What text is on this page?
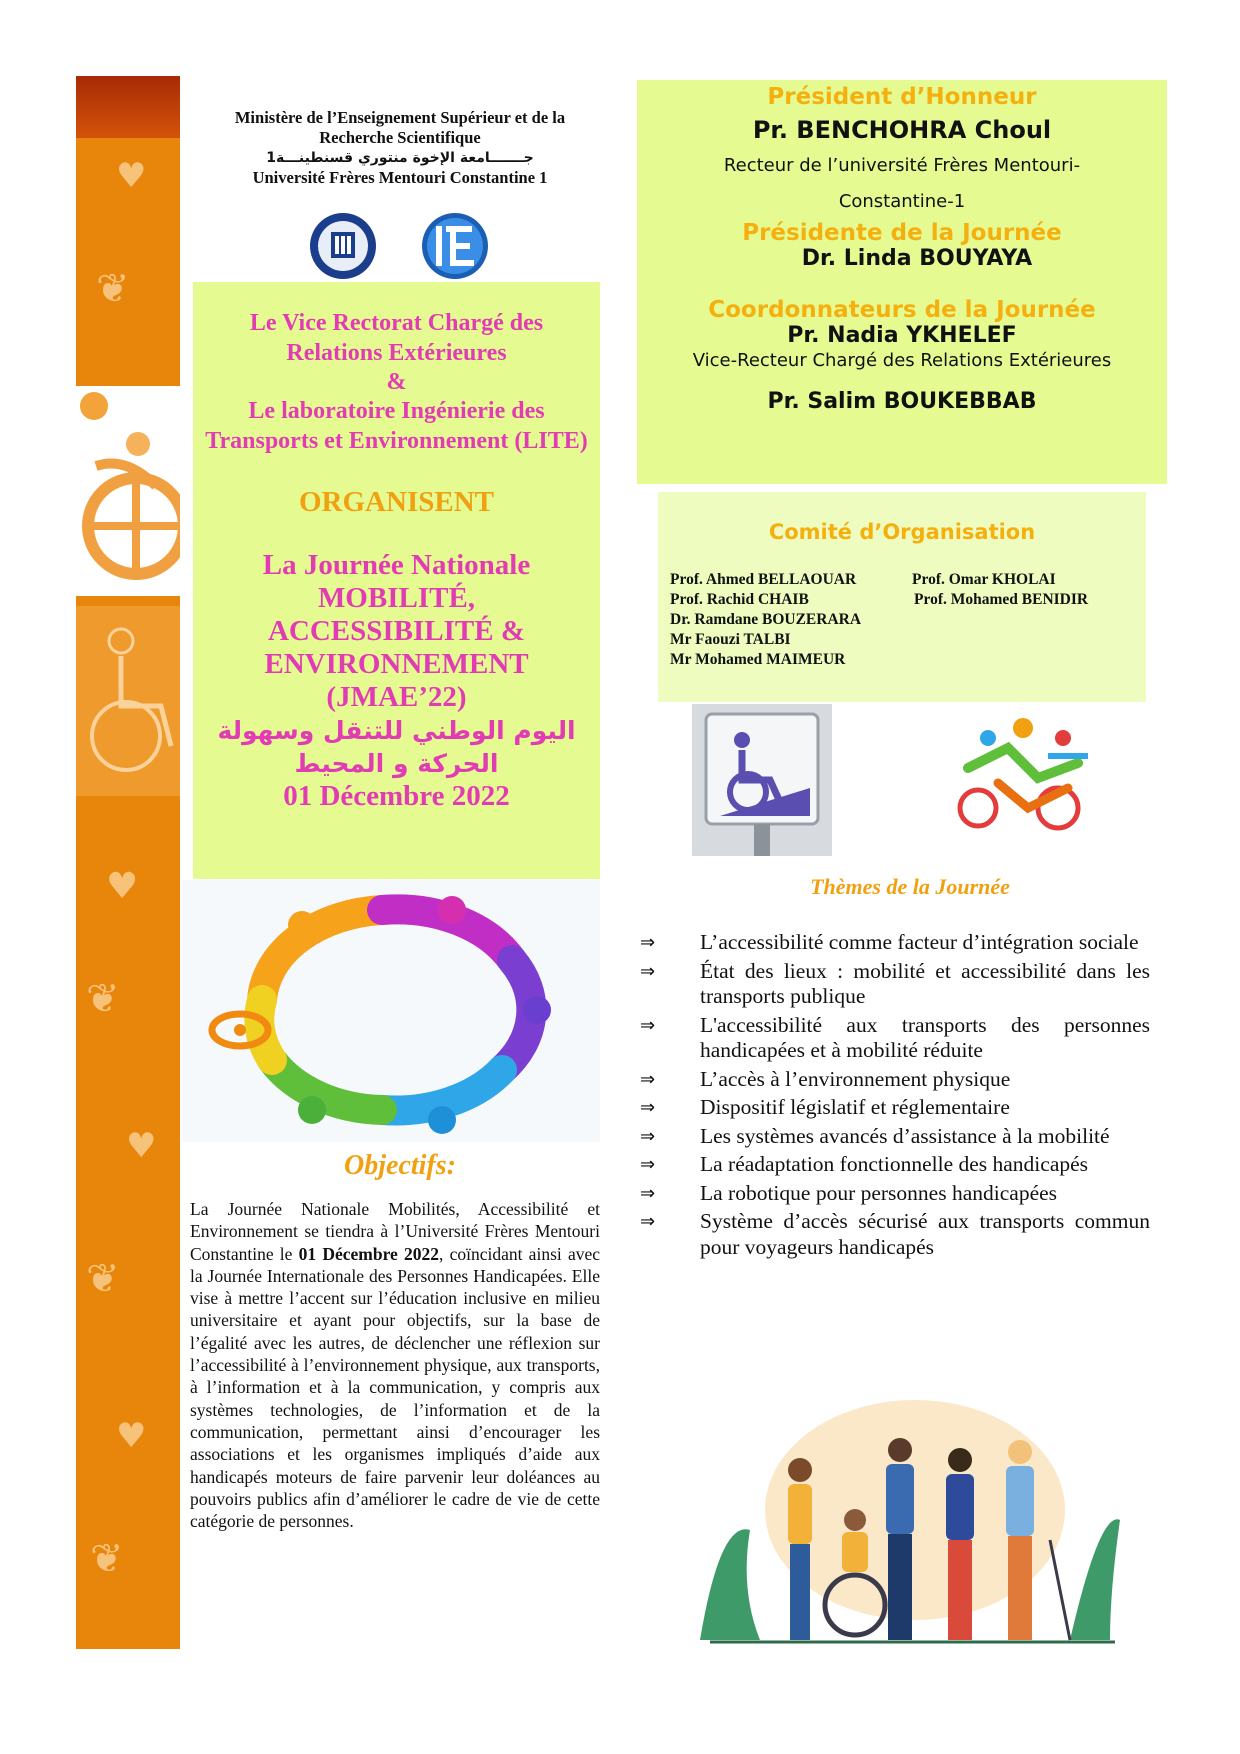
♥
❦
♥
❦
♥
❦
♥
❦
Ministère de l’Enseignement Supérieur et de la Recherche Scientifique
جـــــــامعة الإخوة منتوري قسنطينـــة1
Université Frères Mentouri Constantine 1
Le Vice Rectorat Chargé des Relations Extérieures
&
Le laboratoire Ingénierie des Transports et Environnement (LITE)
ORGANISENT
La Journée Nationale
MOBILITÉ,
ACCESSIBILITÉ &
ENVIRONNEMENT
(JMAE’22)
اليوم الوطني للتنقل وسهولة الحركة و المحيط
01 Décembre 2022
Objectifs:
La Journée Nationale Mobilités, Accessibilité et Environnement se tiendra à l’Université Frères Mentouri Constantine le 01 Décembre 2022, coïncidant ainsi avec la Journée Internationale des Personnes Handicapées. Elle vise à mettre l’accent sur l’éducation inclusive en milieu universitaire et ayant pour objectifs, sur la base de l’égalité avec les autres, de déclencher une réflexion sur l’accessibilité à l’environnement physique, aux transports, à l’information et à la communication, y compris aux systèmes technologies, de l’information et de la communication, permettant ainsi d’encourager les associations et les organismes impliqués d’aide aux handicapés moteurs de faire parvenir leur doléances au pouvoirs publics afin d’améliorer le cadre de vie de cette catégorie de personnes.
Président d’Honneur
Pr. BENCHOHRA Choul
Recteur de l’université Frères Mentouri-Constantine-1
Présidente de la Journée
Dr. Linda BOUYAYA
Coordonnateurs de la Journée
Pr. Nadia YKHELEF
Vice-Recteur Chargé des Relations Extérieures
Pr. Salim BOUKEBBAB
Comité d’Organisation
Prof. Ahmed BELLAOUAR
Prof. Rachid CHAIB
Dr. Ramdane BOUZERARA
Mr Faouzi TALBI
Mr Mohamed MAIMEUR
Prof. Omar KHOLAI
Prof. Mohamed BENIDIR
Thèmes de la Journée
⇒	L’accessibilité comme facteur d’intégration sociale
⇒	État des lieux : mobilité et accessibilité dans les transports publique
⇒	L'accessibilité aux transports des personnes handicapées et à mobilité réduite
⇒	L’accès à l’environnement physique
⇒	Dispositif législatif et réglementaire
⇒	Les systèmes avancés d’assistance à la mobilité
⇒	La réadaptation fonctionnelle des handicapés
⇒	La robotique pour personnes handicapées
⇒	Système d’accès sécurisé aux transports commun pour voyageurs handicapés
